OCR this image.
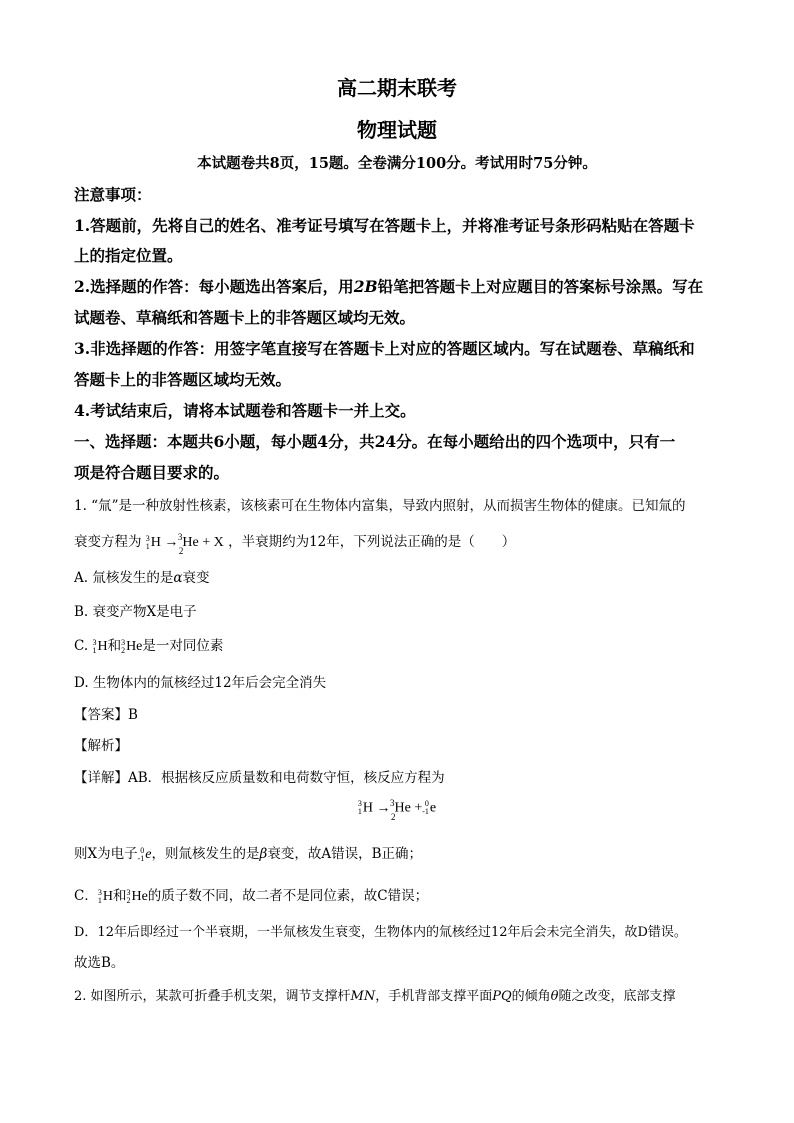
高二期末联考
物理试题
本试题卷共8页，15题。全卷满分100分。考试用时75分钟。
注意事项：
1.答题前，先将自己的姓名、准考证号填写在答题卡上，并将准考证号条形码粘贴在答题卡
上的指定位置。
2.选择题的作答：每小题选出答案后，用2B铅笔把答题卡上对应题目的答案标号涂黑。写在
试题卷、草稿纸和答题卡上的非答题区域均无效。
3.非选择题的作答：用签字笔直接写在答题卡上对应的答题区域内。写在试题卷、草稿纸和
答题卡上的非答题区域均无效。
4.考试结束后，请将本试题卷和答题卡一并上交。
一、选择题：本题共6小题，每小题4分，共24分。在每小题给出的四个选项中，只有一
项是符合题目要求的。
1. “氚”是一种放射性核素，该核素可在生物体内富集，导致内照射，从而损害生物体的健康。已知氚的
衰变方程为 3
1 H →
2
$^3$He + X ，半衰期约为12年，下列说法正确的是（　　）
A. 氚核发生的是α衰变
B. 衰变产物X是电子
C. 3
1 H和 3
2 He是一对同位素
D. 生物体内的氚核经过12年后会完全消失
【答案】B
【解析】
【详解】AB．根据核反应质量数和电荷数守恒，核反应方程为
3
1 H →
2
$^3$He + 0
-1 e
则X为电子 0
-1 e，则氚核发生的是β衰变，故A错误，B正确；
C． 3
1 H和 3
2 He的质子数不同，故二者不是同位素，故C错误；
D．12年后即经过一个半衰期，一半氚核发生衰变，生物体内的氚核经过12年后会未完全消失，故D错误。
故选B。
2. 如图所示，某款可折叠手机支架，调节支撑杆MN，手机背部支撑平面PQ的倾角θ随之改变，底部支撑
